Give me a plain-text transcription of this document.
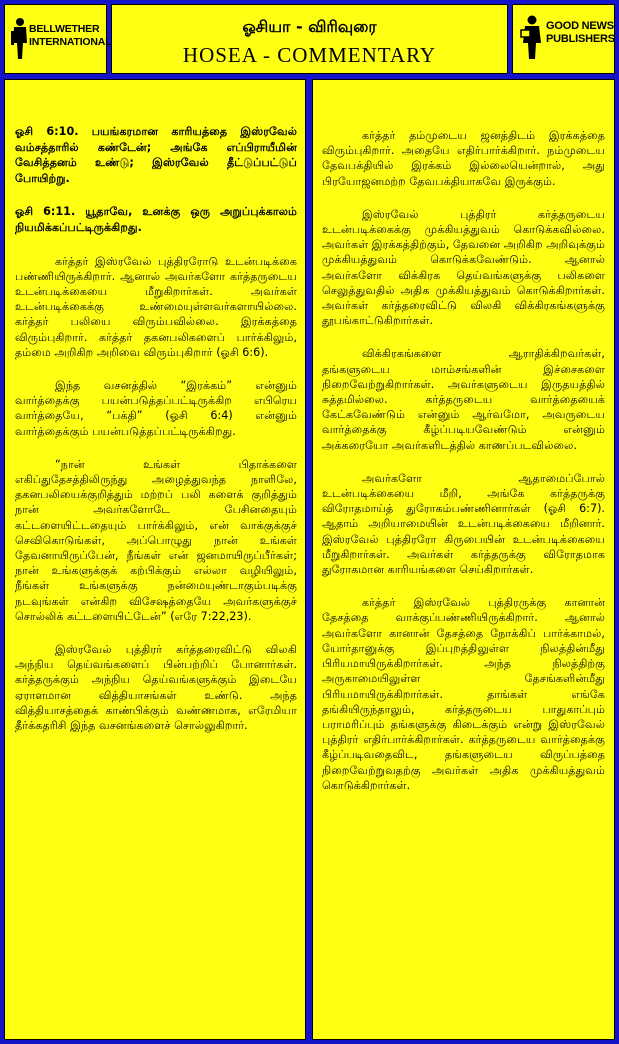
BELLWETHER
INTERNATIONAL
ஓசியா - விரிவுரை
HOSEA - COMMENTARY
GOOD NEWS
PUBLISHERS

ஓசி 6:10. பயங்கரமான காரியத்தை இஸ்ரவேல் வம்சத்தாரில் கண்டேன்; அங்கே எப்பிராயீமின் வேசித்தனம் உண்டு; இஸ்ரவேல் தீட்டுப்பட்டுப் போயிற்று.

ஓசி 6:11. யூதாவே, உனக்கு ஒரு அறுப்புக்காலம் நியமிக்கப்பட்டிருக்கிறது.

கர்த்தர் இஸ்ரவேல் புத்திரரோடு உடன்படிக்கை பண்ணியிருக்கிறார். ஆனால் அவர்களோ கர்த்தருடைய உடன்படிக்கையை மீறுகிறார்கள். அவர்கள் உடன்படிக்கைக்கு உண்மையுள்ளவர்களாயில்லை. கர்த்தர் பலியை விரும்பவில்லை. இரக்கத்தை விரும்புகிறார். கர்த்தர் தகனபலிகளைப் பார்க்கிலும், தம்மை அறிகிற அறிவை விரும்புகிறார் (ஓசி 6:6).

இந்த வசனத்தில் “இரக்கம்” என்னும் வார்த்தைக்கு பயன்படுத்தப்பட்டிருக்கிற எபிரெய வார்த்தையே, “பக்தி” (ஓசி 6:4) என்னும் வார்த்தைக்கும் பயன்படுத்தப்பட்டிருக்கிறது.

“நான் உங்கள் பிதாக்களை எகிப்துதேசத்திலிருந்து அழைத்துவந்த நாளிலே, தகனபலியைக்குறித்தும் மற்றப் பலி களைக் குறித்தும் நான் அவர்களோடே பேசினதையும் கட்டளையிட்டதையும் பார்க்கிலும், என் வாக்குக்குச் செவிகொடுங்கள், அப்பொழுது நான் உங்கள் தேவனாயிருப்பேன், நீங்கள் என் ஜனமாயிருப்பீர்கள்; நான் உங்களுக்குக் கற்பிக்கும் எல்லா வழியிலும், நீங்கள் உங்களுக்கு நன்மையுண்டாகும்படிக்கு நடவுங்கள் என்கிற விசேஷத்தையே அவர்களுக்குச் சொல்லிக் கட்டளையிட்டேன்” (எரே 7:22,23).

இஸ்ரவேல் புத்திரர் கர்த்தரைவிட்டு விலகி அந்நிய தெய்வங்களைப் பின்பற்றிப் போனார்கள். கர்த்தருக்கும் அந்நிய தெய்வங்களுக்கும் இடையே ஏராளமான வித்தியாசங்கள் உண்டு. அந்த வித்தியாசத்தைக் காண்பிக்கும் வண்ணமாக, எரேமியா தீர்க்கதரிசி இந்த வசனங்களைச் சொல்லுகிறார்.

கர்த்தர் தம்முடைய ஜனத்திடம் இரக்கத்தை விரும்புகிறார். அதையே எதிர்பார்க்கிறார். நம்முடைய தேவபக்தியில் இரக்கம் இல்லையென்றால், அது பிரயோஜனமற்ற தேவபக்தியாகவே இருக்கும்.

இஸ்ரவேல் புத்திரர் கர்த்தருடைய உடன்படிக்கைக்கு முக்கியத்துவம் கொடுக்கவில்லை. அவர்கள் இரக்கத்திற்கும், தேவனை அறிகிற அறிவுக்கும் முக்கியத்துவம் கொடுக்கவேண்டும். ஆனால் அவர்களோ விக்கிரக தெய்வங்களுக்கு பலிகளை செலுத்துவதில் அதிக முக்கியத்துவம் கொடுக்கிறார்கள். அவர்கள் கர்த்தரைவிட்டு விலகி விக்கிரகங்களுக்கு தூபங்காட்டுகிறார்கள்.

விக்கிரகங்களை ஆராதிக்கிறவர்கள், தங்களுடைய மாம்சங்களின் இச்சைகளை நிறைவேற்றுகிறார்கள். அவர்களுடைய இருதயத்தில் சுத்தமில்லை. கர்த்தருடைய வார்த்தையைக் கேட்கவேண்டும் என்னும் ஆர்வமோ, அவருடைய வார்த்தைக்கு கீழ்ப்படியவேண்டும் என்னும் அக்கரையோ அவர்களிடத்தில் காணப்படவில்லை.

அவர்களோ ஆதாமைப்போல் உடன்படிக்கையை மீறி, அங்கே கர்த்தருக்கு விரோதமாய்த் துரோகம்பண்ணினார்கள் (ஓசி 6:7). ஆதாம் அறியாமையின் உடன்படிக்கையை மீறினார். இஸ்ரவேல் புத்திரரோ கிருபையின் உடன்படிக்கையை மீறுகிறார்கள். அவர்கள் கர்த்தருக்கு விரோதமாக துரோகமான காரியங்களை செய்கிறார்கள்.

கர்த்தர் இஸ்ரவேல் புத்திரருக்கு கானான் தேசத்தை வாக்குப்பண்ணியிருக்கிறார். ஆனால் அவர்களோ கானான் தேசத்தை நோக்கிப் பார்க்காமல், யோர்தானுக்கு இப்புறத்திலுள்ள நிலத்தின்மீது பிரியமாயிருக்கிறார்கள். அந்த நிலத்திற்கு அருகாமையிலுள்ள தேசங்களின்மீது பிரியமாயிருக்கிறார்கள். தாங்கள் எங்கே தங்கியிருந்தாலும், கர்த்தருடைய பாதுகாப்பும் பராமரிப்பும் தங்களுக்கு கிடைக்கும் என்று இஸ்ரவேல் புத்திரர் எதிர்பார்க்கிறார்கள். கர்த்தருடைய வார்த்தைக்கு கீழ்ப்படிவதைவிட, தங்களுடைய விருப்பத்தை நிறைவேற்றுவதற்கு அவர்கள் அதிக முக்கியத்துவம் கொடுக்கிறார்கள்.
